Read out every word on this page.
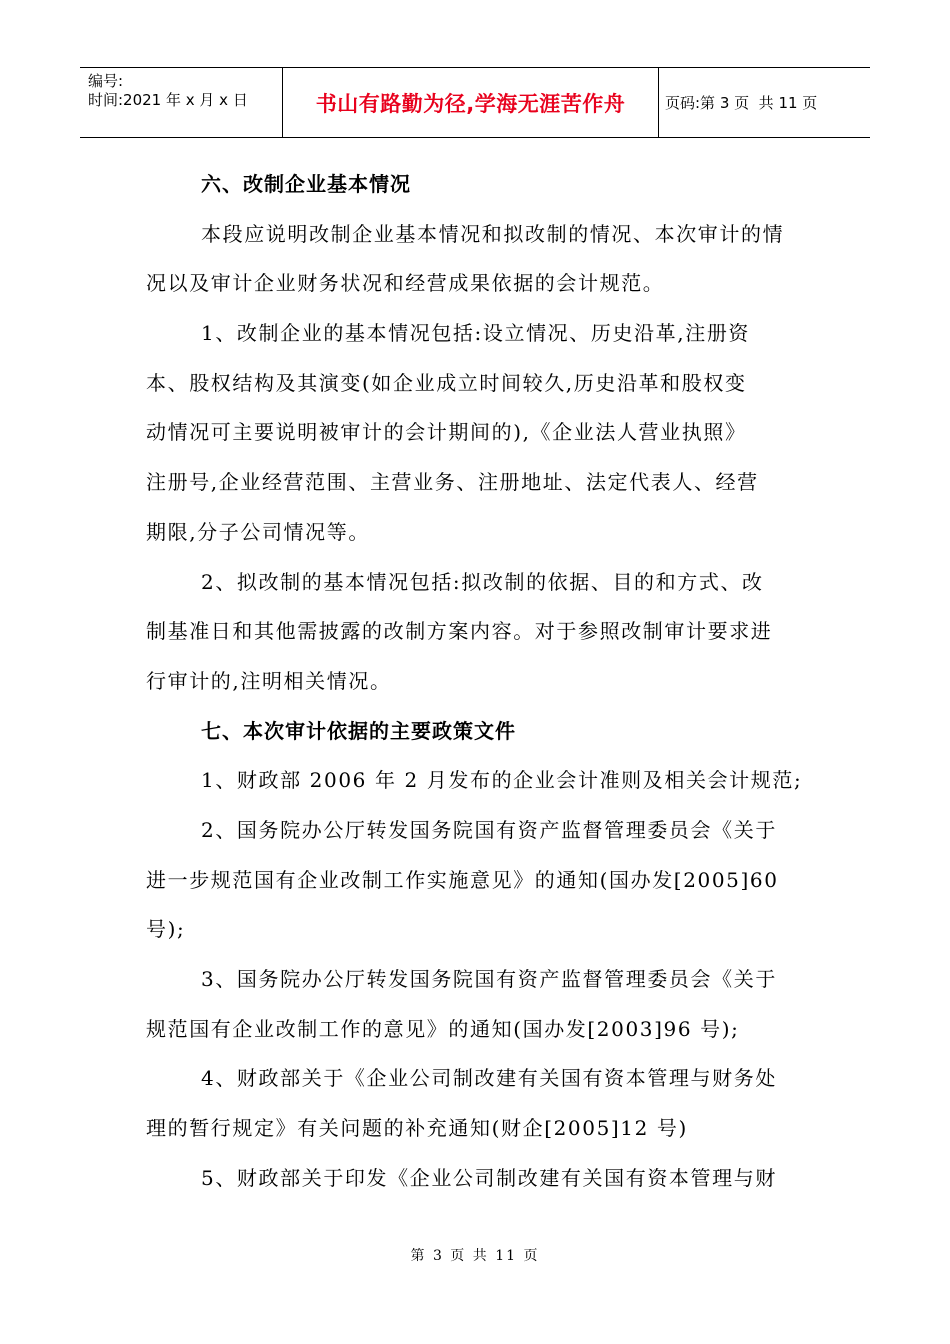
编号:
时间:2021 年 x 月 x 日	书山有路勤为径,学海无涯苦作舟	页码:第 3 页  共 11 页
六、改制企业基本情况
本段应说明改制企业基本情况和拟改制的情况、本次审计的情
况以及审计企业财务状况和经营成果依据的会计规范。
1、改制企业的基本情况包括:设立情况、历史沿革,注册资
本、股权结构及其演变(如企业成立时间较久,历史沿革和股权变
动情况可主要说明被审计的会计期间的),《企业法人营业执照》
注册号,企业经营范围、主营业务、注册地址、法定代表人、经营
期限,分子公司情况等。
2、拟改制的基本情况包括:拟改制的依据、目的和方式、改
制基准日和其他需披露的改制方案内容。对于参照改制审计要求进
行审计的,注明相关情况。
七、本次审计依据的主要政策文件
1、财政部 2006 年 2 月发布的企业会计准则及相关会计规范;
2、国务院办公厅转发国务院国有资产监督管理委员会《关于
进一步规范国有企业改制工作实施意见》的通知(国办发[2005]60
号);
3、国务院办公厅转发国务院国有资产监督管理委员会《关于
规范国有企业改制工作的意见》的通知(国办发[2003]96 号);
4、财政部关于《企业公司制改建有关国有资本管理与财务处
理的暂行规定》有关问题的补充通知(财企[2005]12 号)
5、财政部关于印发《企业公司制改建有关国有资本管理与财
第 3 页 共 11 页
